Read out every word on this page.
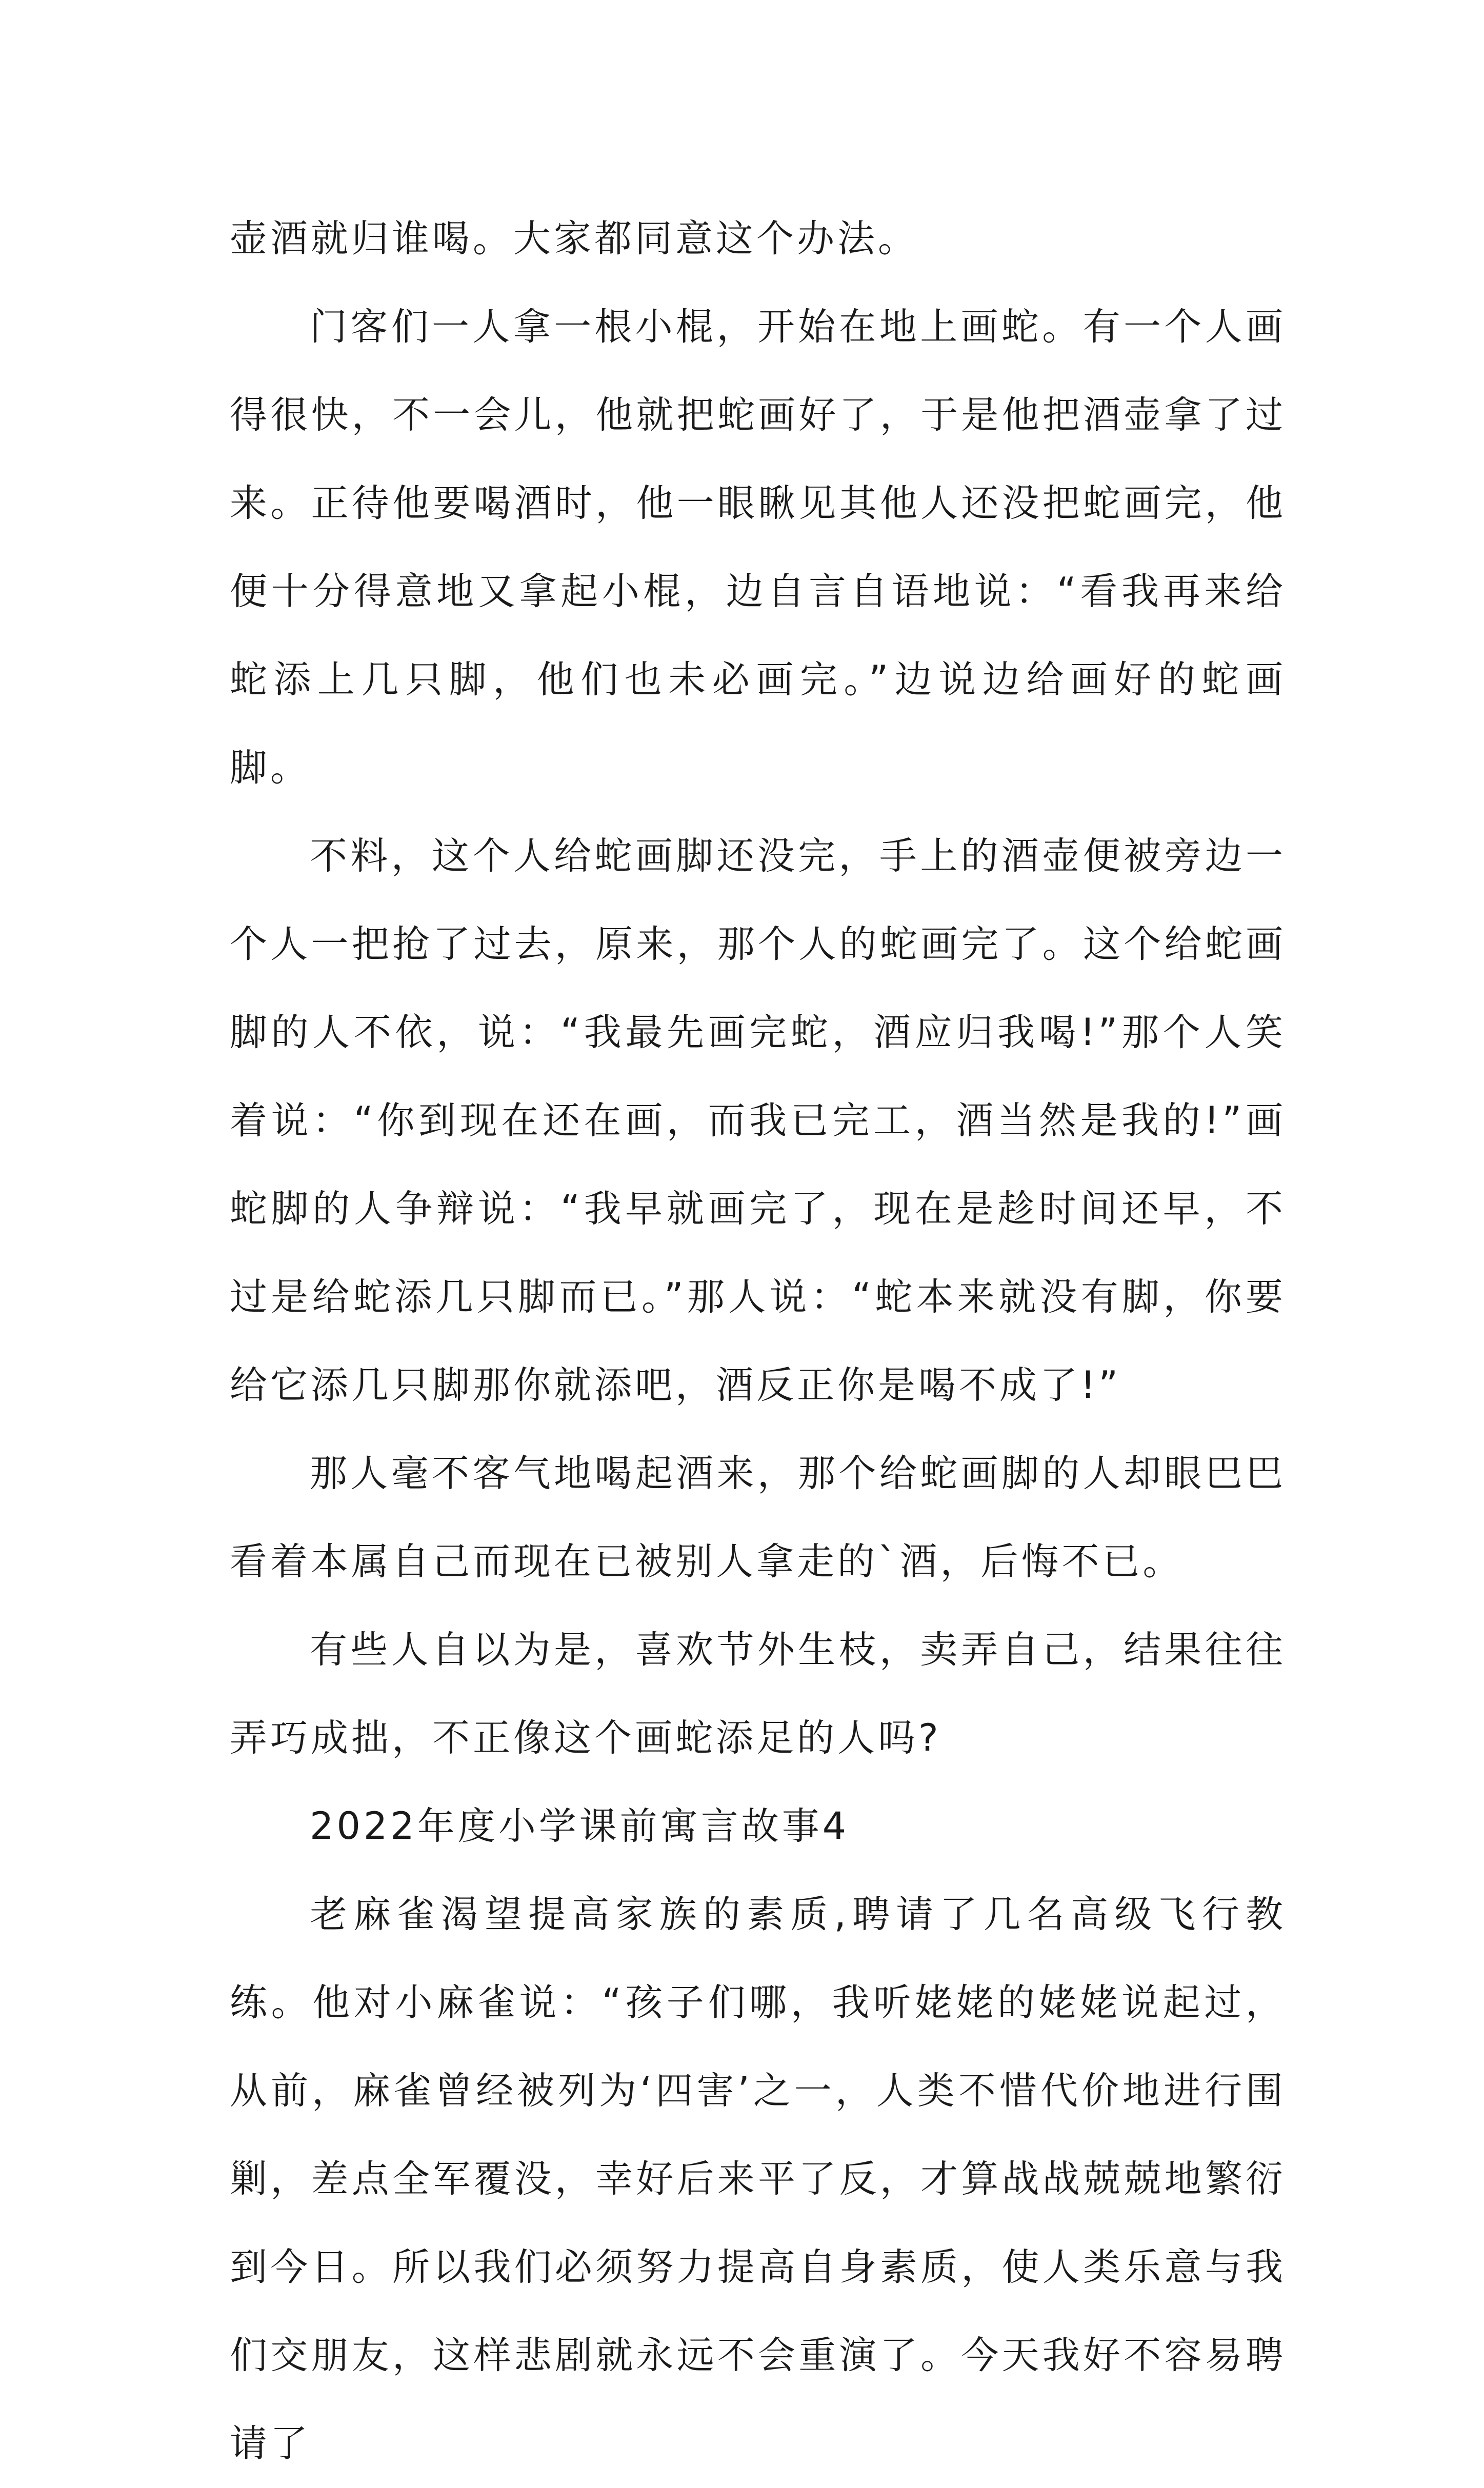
壶酒就归谁喝。大家都同意这个办法。

门客们一人拿一根小棍，开始在地上画蛇。有一个人画得很快，不一会儿，他就把蛇画好了，于是他把酒壶拿了过来。正待他要喝酒时，他一眼瞅见其他人还没把蛇画完，他便十分得意地又拿起小棍，边自言自语地说：“看我再来给蛇添上几只脚，他们也未必画完。”边说边给画好的蛇画脚。

不料，这个人给蛇画脚还没完，手上的酒壶便被旁边一个人一把抢了过去，原来，那个人的蛇画完了。这个给蛇画脚的人不依，说：“我最先画完蛇，酒应归我喝!”那个人笑着说：“你到现在还在画，而我已完工，酒当然是我的!”画蛇脚的人争辩说：“我早就画完了，现在是趁时间还早，不过是给蛇添几只脚而已。”那人说：“蛇本来就没有脚，你要给它添几只脚那你就添吧，酒反正你是喝不成了!”

那人毫不客气地喝起酒来，那个给蛇画脚的人却眼巴巴看着本属自己而现在已被别人拿走的`酒，后悔不已。

有些人自以为是，喜欢节外生枝，卖弄自己，结果往往弄巧成拙，不正像这个画蛇添足的人吗?

2022年度小学课前寓言故事4

老麻雀渴望提高家族的素质,聘请了几名高级飞行教练。他对小麻雀说：“孩子们哪，我听姥姥的姥姥说起过，从前，麻雀曾经被列为‘四害’之一，人类不惜代价地进行围剿，差点全军覆没，幸好后来平了反，才算战战兢兢地繁衍到今日。所以我们必须努力提高自身素质，使人类乐意与我们交朋友，这样悲剧就永远不会重演了。今天我好不容易聘请了
